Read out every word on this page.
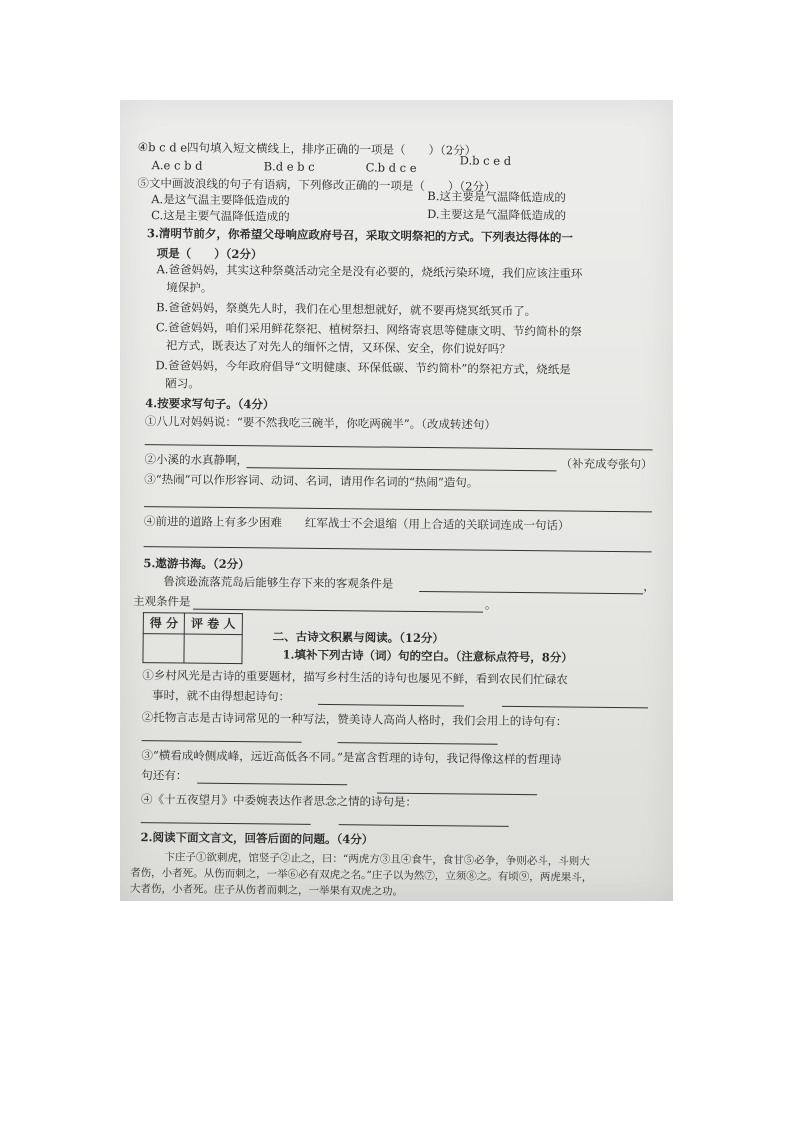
④b c d e四句填入短文横线上，排序正确的一项是（　　）（2分）
A.e c b d	B.d e b c	C.b d c e	D.b c e d
⑤文中画波浪线的句子有语病，下列修改正确的一项是（　　）（2分）
A.是这气温主要降低造成的	B.这主要是气温降低造成的
C.这是主要气温降低造成的	D.主要这是气温降低造成的
3.清明节前夕，你希望父母响应政府号召，采取文明祭祀的方式。下列表达得体的一
项是（　　）（2分）
A.爸爸妈妈，其实这种祭奠活动完全是没有必要的，烧纸污染环境，我们应该注重环
境保护。
B.爸爸妈妈，祭奠先人时，我们在心里想想就好，就不要再烧冥纸冥币了。
C.爸爸妈妈，咱们采用鲜花祭祀、植树祭扫、网络寄哀思等健康文明、节约简朴的祭
祀方式，既表达了对先人的缅怀之情，又环保、安全，你们说好吗？
D.爸爸妈妈，今年政府倡导“文明健康、环保低碳、节约简朴”的祭祀方式，烧纸是
陋习。
4.按要求写句子。（4分）
①八儿对妈妈说：“要不然我吃三碗半，你吃两碗半”。（改成转述句）
②小溪的水真静啊，	（补充成夸张句）
③“热闹”可以作形容词、动词、名词，请用作名词的“热闹”造句。
④前进的道路上有多少困难　　红军战士不会退缩（用上合适的关联词连成一句话）
5.遨游书海。（2分）
鲁滨逊流落荒岛后能够生存下来的客观条件是	，
主观条件是	。
得 分	评 卷 人

二、古诗文积累与阅读。（12分）
1.填补下列古诗（词）句的空白。（注意标点符号，8分）
①乡村风光是古诗的重要题材，描写乡村生活的诗句也屡见不鲜，看到农民们忙碌农
事时，就不由得想起诗句：
②托物言志是古诗词常见的一种写法，赞美诗人高尚人格时，我们会用上的诗句有：
③“横看成岭侧成峰，远近高低各不同。”是富含哲理的诗句，我记得像这样的哲理诗
句还有：
④《十五夜望月》中委婉表达作者思念之情的诗句是：
2.阅读下面文言文，回答后面的问题。（4分）
卞庄子①欲刺虎，馆竖子②止之，曰：“两虎方③且④食牛，食甘⑤必争，争则必斗，斗则大
者伤，小者死。从伤而刺之，一举⑥必有双虎之名。”庄子以为然⑦，立须⑧之。有顷⑨，两虎果斗，
大者伤，小者死。庄子从伤者而刺之，一举果有双虎之功。
